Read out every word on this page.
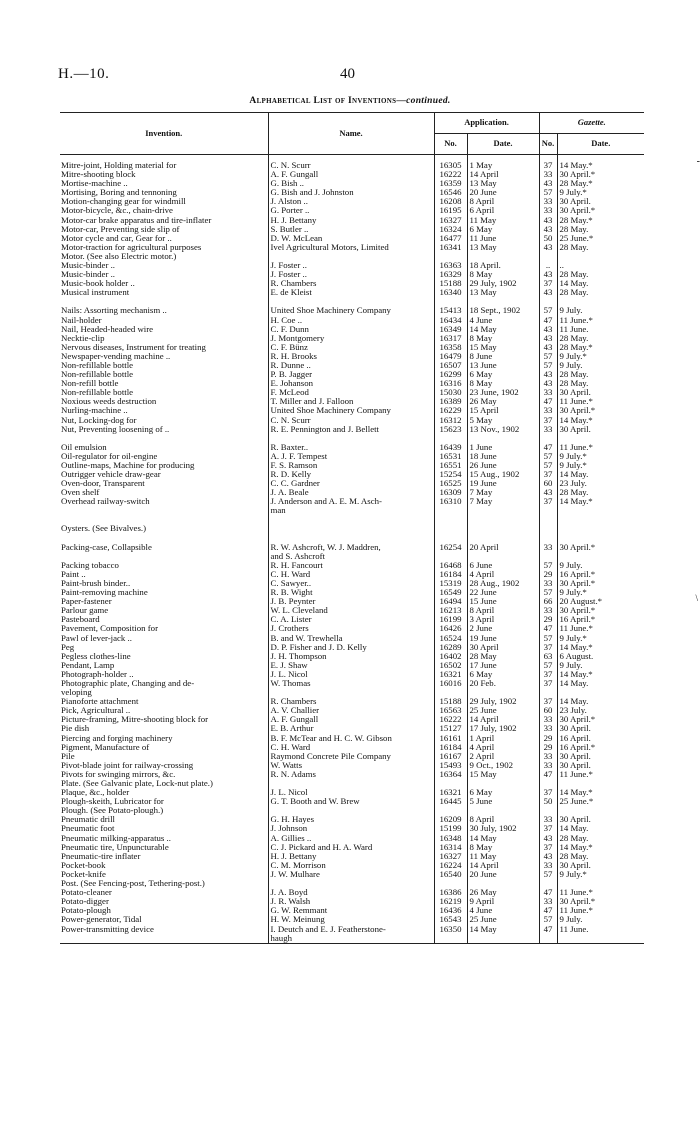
H.—10.	40
Alphabetical List of Inventions—continued.
-
\
Invention.	Name.	Application.		Gazette.	
		No.	Date.	No.	Date.

Mitre-joint, Holding material for	C. N. Scurr	16305	1 May	37	14 May.*
Mitre-shooting block	A. F. Gungall	16222	14 April	33	30 April.*
Mortise-machine ..	G. Bish ..	16359	13 May	43	28 May.*
Mortising, Boring and tennoning	G. Bish and J. Johnston	16546	20 June	57	9 July.*
Motion-changing gear for windmill	J. Alston ..	16208	8 April	33	30 April.
Motor-bicycle, &c., chain-drive	G. Porter ..	16195	6 April	33	30 April.*
Motor-car brake apparatus and tire-inflater	H. J. Bettany	16327	11 May	43	28 May.*
Motor-car, Preventing side slip of	S. Butler ..	16324	6 May	43	28 May.
Motor cycle and car, Gear for ..	D. W. McLean	16477	11 June	50	25 June.*
Motor-traction for agricultural purposes	Ivel Agricultural Motors, Limited	16341	13 May	43	28 May.
Motor. (See also Electric motor.)					
Music-binder ..	J. Foster ..	16363	18 April.	..	..
Music-binder ..	J. Foster ..	16329	8 May	43	28 May.
Music-book holder ..	R. Chambers	15188	29 July, 1902	37	14 May.
Musical instrument	E. de Kleist	16340	13 May	43	28 May.

Nails: Assorting mechanism ..	United Shoe Machinery Company	15413	18 Sept., 1902	57	9 July.
Nail-holder	H. Coe ..	16434	4 June	47	11 June.*
Nail, Headed-headed wire	C. F. Dunn	16349	14 May	43	11 June.
Necktie-clip	J. Montgomery	16317	8 May	43	28 May.
Nervous diseases, Instrument for treating	C. F. Bünz	16358	15 May	43	28 May.*
Newspaper-vending machine ..	R. H. Brooks	16479	8 June	57	9 July.*
Non-refillable bottle	R. Dunne ..	16507	13 June	57	9 July.
Non-refillable bottle	P. B. Jagger	16299	6 May	43	28 May.
Non-refill bottle	E. Johanson	16316	8 May	43	28 May.
Non-refillable bottle	F. McLeod	15030	23 June, 1902	33	30 April.
Noxious weeds destruction	T. Miller and J. Falloon	16389	26 May	47	11 June.*
Nurling-machine ..	United Shoe Machinery Company	16229	15 April	33	30 April.*
Nut, Locking-dog for	C. N. Scurr	16312	5 May	37	14 May.*
Nut, Preventing loosening of ..	R. E. Pennington and J. Bellett	15623	13 Nov., 1902	33	30 April.

Oil emulsion	R. Baxter..	16439	1 June	47	11 June.*
Oil-regulator for oil-engine	A. J. F. Tempest	16531	18 June	57	9 July.*
Outline-maps, Machine for producing	F. S. Ramson	16551	26 June	57	9 July.*
Outrigger vehicle draw-gear	R. D. Kelly	15254	15 Aug., 1902	37	14 May.
Oven-door, Transparent	C. C. Gardner	16525	19 June	60	23 July.
Oven shelf	J. A. Beale	16309	7 May	43	28 May.
Overhead railway-switch	J. Anderson and A. E. M. Asch-	16310	7 May	37	14 May.*
	man				

Oysters. (See Bivalves.)					

Packing-case, Collapsible	R. W. Ashcroft, W. J. Maddren,	16254	20 April	33	30 April.*
	and S. Ashcroft				
Packing tobacco	R. H. Fancourt	16468	6 June	57	9 July.
Paint ..	C. H. Ward	16184	4 April	29	16 April.*
Paint-brush binder..	C. Sawyer..	15319	28 Aug., 1902	33	30 April.*
Paint-removing machine	R. B. Wight	16549	22 June	57	9 July.*
Paper-fastener	J. B. Peynter	16494	15 June	66	20 August.*
Parlour game	W. L. Cleveland	16213	8 April	33	30 April.*
Pasteboard	C. A. Lister	16199	3 April	29	16 April.*
Pavement, Composition for	J. Crothers	16426	2 June	47	11 June.*
Pawl of lever-jack ..	B. and W. Trewhella	16524	19 June	57	9 July.*
Peg	D. P. Fisher and J. D. Kelly	16289	30 April	37	14 May.*
Pegless clothes-line	J. H. Thompson	16402	28 May	63	6 August.
Pendant, Lamp	E. J. Shaw	16502	17 June	57	9 July.
Photograph-holder ..	J. L. Nicol	16321	6 May	37	14 May.*
Photographic plate, Changing and de-	W. Thomas	16016	20 Feb.	37	14 May.
veloping					
Pianoforte attachment	R. Chambers	15188	29 July, 1902	37	14 May.
Pick, Agricultural ..	A. V. Challier	16563	25 June	60	23 July.
Picture-framing, Mitre-shooting block for	A. F. Gungall	16222	14 April	33	30 April.*
Pie dish	E. B. Arthur	15127	17 July, 1902	33	30 April.
Piercing and forging machinery	B. F. McTear and H. C. W. Gibson	16161	1 April	29	16 April.
Pigment, Manufacture of	C. H. Ward	16184	4 April	29	16 April.*
Pile	Raymond Concrete Pile Company	16167	2 April	33	30 April.
Pivot-blade joint for railway-crossing	W. Watts	15493	9 Oct., 1902	33	30 April.
Pivots for swinging mirrors, &c.	R. N. Adams	16364	15 May	47	11 June.*
Plate. (See Galvanic plate, Lock-nut plate.)					
Plaque, &c., holder	J. L. Nicol	16321	6 May	37	14 May.*
Plough-skeith, Lubricator for	G. T. Booth and W. Brew	16445	5 June	50	25 June.*
Plough. (See Potato-plough.)					
Pneumatic drill	G. H. Hayes	16209	8 April	33	30 April.
Pneumatic foot	J. Johnson	15199	30 July, 1902	37	14 May.
Pneumatic milking-apparatus ..	A. Gillies ..	16348	14 May	43	28 May.
Pneumatic tire, Unpuncturable	C. J. Pickard and H. A. Ward	16314	8 May	37	14 May.*
Pneumatic-tire inflater	H. J. Bettany	16327	11 May	43	28 May.
Pocket-book	C. M. Morrison	16224	14 April	33	30 April.
Pocket-knife	J. W. Mulhare	16540	20 June	57	9 July.*
Post. (See Fencing-post, Tethering-post.)					
Potato-cleaner	J. A. Boyd	16386	26 May	47	11 June.*
Potato-digger	J. R. Walsh	16219	9 April	33	30 April.*
Potato-plough	G. W. Remmant	16436	4 June	47	11 June.*
Power-generator, Tidal	H. W. Meinung	16543	25 June	57	9 July.
Power-transmitting device	I. Deutch and E. J. Featherstone-	16350	14 May	47	11 June.
	haugh				
